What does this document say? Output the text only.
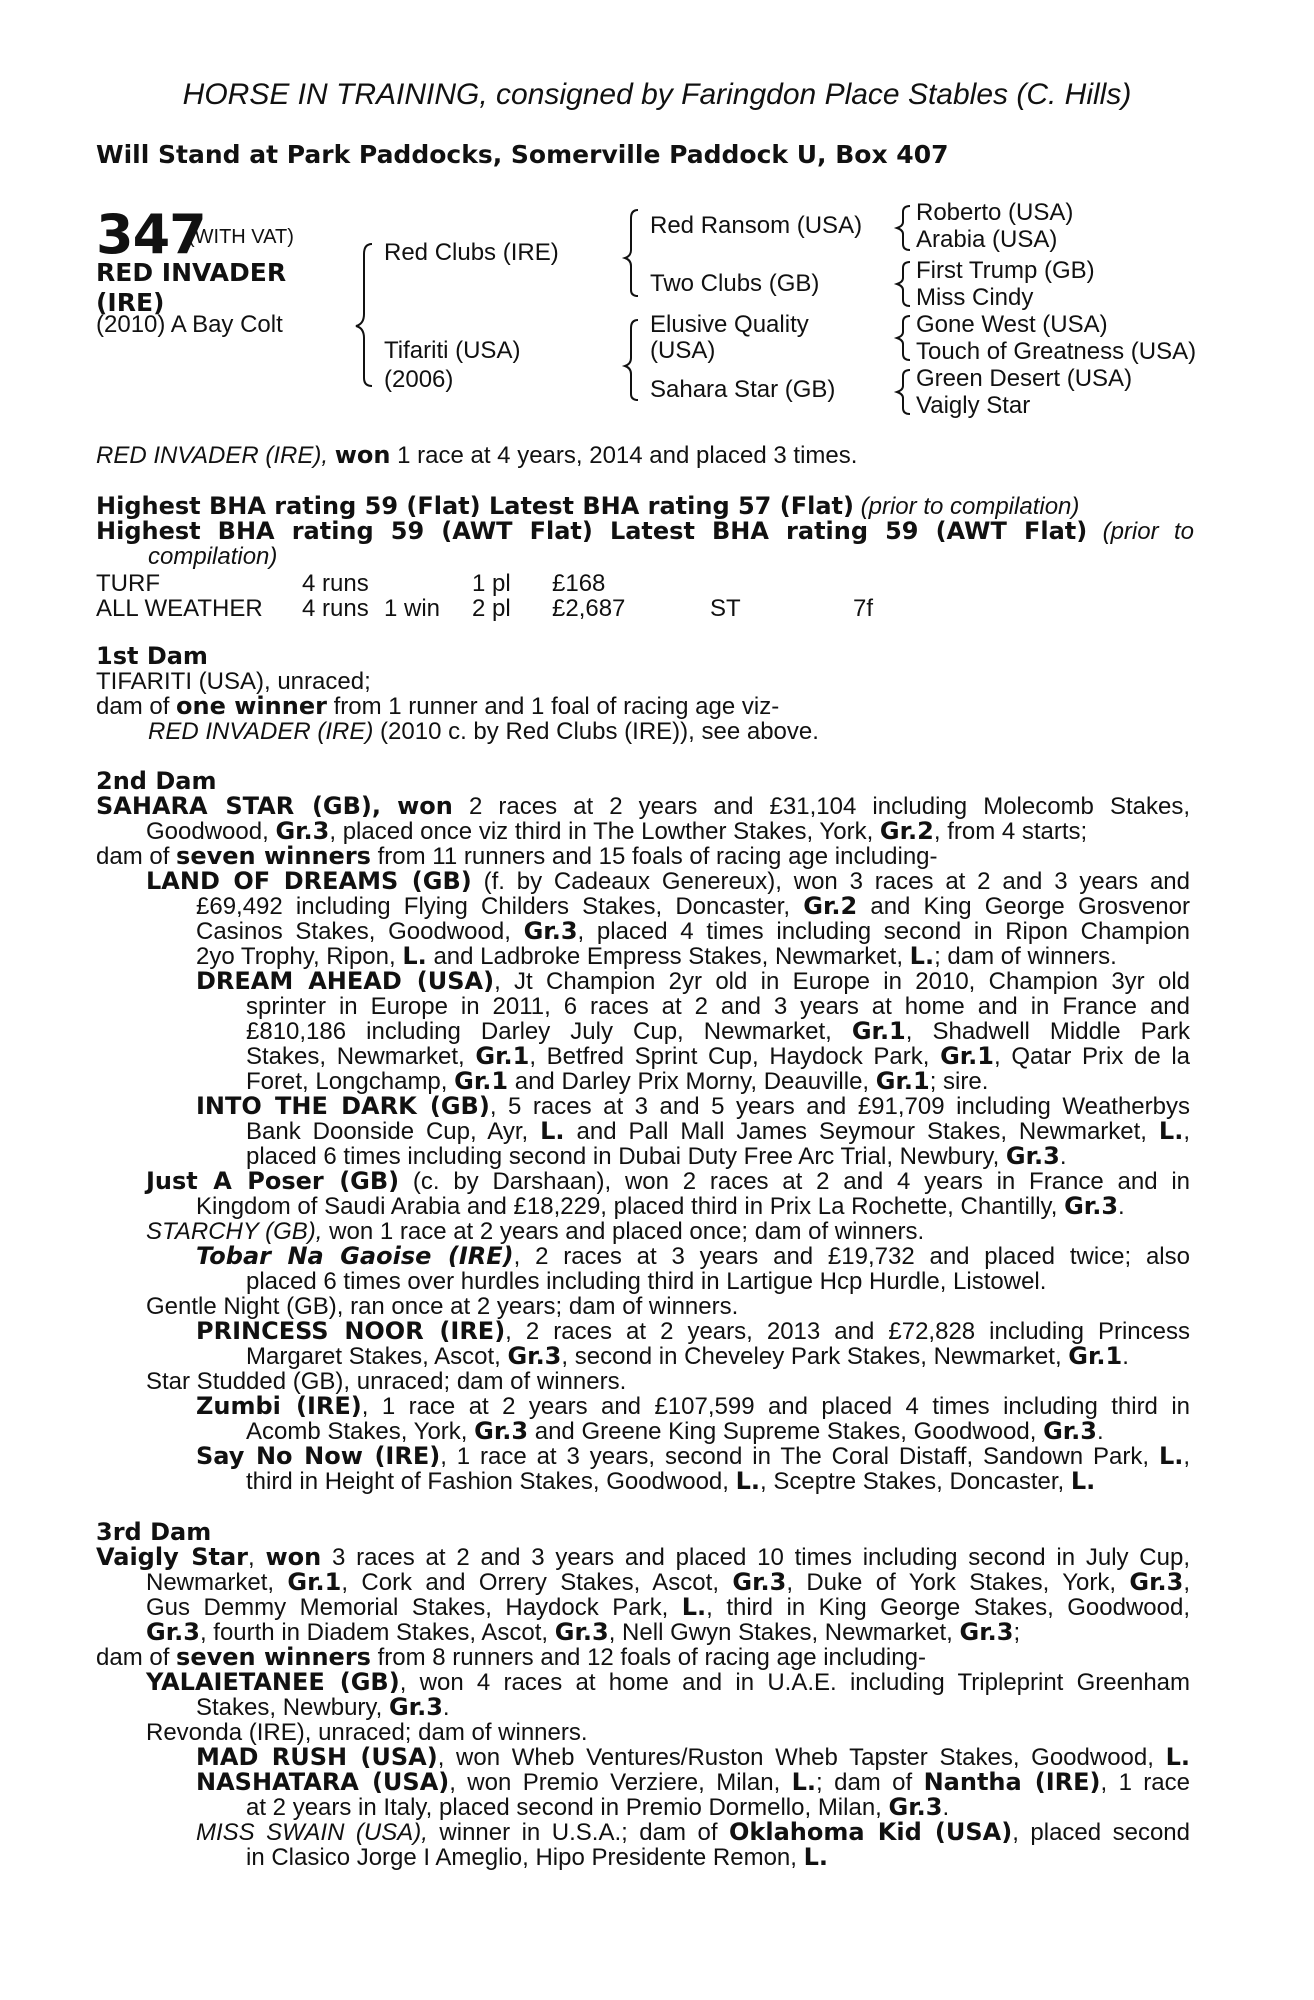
HORSE IN TRAINING, consigned by Faringdon Place Stables (C. Hills)
Will Stand at Park Paddocks, Somerville Paddock U, Box 407
347
(WITH VAT)
RED INVADER
(IRE)
(2010) A Bay Colt
Red Clubs (IRE)
Tifariti (USA)
(2006)
Red Ransom (USA)
Two Clubs (GB)
Elusive Quality
(USA)
Sahara Star (GB)
Roberto (USA)
Arabia (USA)
First Trump (GB)
Miss Cindy
Gone West (USA)
Touch of Greatness (USA)
Green Desert (USA)
Vaigly Star
RED INVADER (IRE), won 1 race at 4 years, 2014 and placed 3 times.
Highest BHA rating 59 (Flat) Latest BHA rating 57 (Flat) (prior to compilation)
Highest BHA rating 59 (AWT Flat) Latest BHA rating 59 (AWT Flat) (prior to
compilation)
TURF	4 runs	1 pl £168
ALL WEATHER 4 runs 1 win 2 pl £2,687	ST	7f
1st Dam
TIFARITI (USA), unraced;
dam of one winner from 1 runner and 1 foal of racing age viz-
RED INVADER (IRE) (2010 c. by Red Clubs (IRE)), see above.
2nd Dam
SAHARA STAR (GB), won 2 races at 2 years and £31,104 including Molecomb Stakes,
Goodwood, Gr.3, placed once viz third in The Lowther Stakes, York, Gr.2, from 4 starts;
dam of seven winners from 11 runners and 15 foals of racing age including-
LAND OF DREAMS (GB) (f. by Cadeaux Genereux), won 3 races at 2 and 3 years and
£69,492 including Flying Childers Stakes, Doncaster, Gr.2 and King George Grosvenor
Casinos Stakes, Goodwood, Gr.3, placed 4 times including second in Ripon Champion
2yo Trophy, Ripon, L. and Ladbroke Empress Stakes, Newmarket, L.; dam of winners.
DREAM AHEAD (USA), Jt Champion 2yr old in Europe in 2010, Champion 3yr old
sprinter in Europe in 2011, 6 races at 2 and 3 years at home and in France and
£810,186 including Darley July Cup, Newmarket, Gr.1, Shadwell Middle Park
Stakes, Newmarket, Gr.1, Betfred Sprint Cup, Haydock Park, Gr.1, Qatar Prix de la
Foret, Longchamp, Gr.1 and Darley Prix Morny, Deauville, Gr.1; sire.
INTO THE DARK (GB), 5 races at 3 and 5 years and £91,709 including Weatherbys
Bank Doonside Cup, Ayr, L. and Pall Mall James Seymour Stakes, Newmarket, L.,
placed 6 times including second in Dubai Duty Free Arc Trial, Newbury, Gr.3.
Just A Poser (GB) (c. by Darshaan), won 2 races at 2 and 4 years in France and in
Kingdom of Saudi Arabia and £18,229, placed third in Prix La Rochette, Chantilly, Gr.3.
STARCHY (GB), won 1 race at 2 years and placed once; dam of winners.
Tobar Na Gaoise (IRE), 2 races at 3 years and £19,732 and placed twice; also
placed 6 times over hurdles including third in Lartigue Hcp Hurdle, Listowel.
Gentle Night (GB), ran once at 2 years; dam of winners.
PRINCESS NOOR (IRE), 2 races at 2 years, 2013 and £72,828 including Princess
Margaret Stakes, Ascot, Gr.3, second in Cheveley Park Stakes, Newmarket, Gr.1.
Star Studded (GB), unraced; dam of winners.
Zumbi (IRE), 1 race at 2 years and £107,599 and placed 4 times including third in
Acomb Stakes, York, Gr.3 and Greene King Supreme Stakes, Goodwood, Gr.3.
Say No Now (IRE), 1 race at 3 years, second in The Coral Distaff, Sandown Park, L.,
third in Height of Fashion Stakes, Goodwood, L., Sceptre Stakes, Doncaster, L.
3rd Dam
Vaigly Star, won 3 races at 2 and 3 years and placed 10 times including second in July Cup,
Newmarket, Gr.1, Cork and Orrery Stakes, Ascot, Gr.3, Duke of York Stakes, York, Gr.3,
Gus Demmy Memorial Stakes, Haydock Park, L., third in King George Stakes, Goodwood,
Gr.3, fourth in Diadem Stakes, Ascot, Gr.3, Nell Gwyn Stakes, Newmarket, Gr.3;
dam of seven winners from 8 runners and 12 foals of racing age including-
YALAIETANEE (GB), won 4 races at home and in U.A.E. including Tripleprint Greenham
Stakes, Newbury, Gr.3.
Revonda (IRE), unraced; dam of winners.
MAD RUSH (USA), won Wheb Ventures/Ruston Wheb Tapster Stakes, Goodwood, L.
NASHATARA (USA), won Premio Verziere, Milan, L.; dam of Nantha (IRE), 1 race
at 2 years in Italy, placed second in Premio Dormello, Milan, Gr.3.
MISS SWAIN (USA), winner in U.S.A.; dam of Oklahoma Kid (USA), placed second
in Clasico Jorge I Ameglio, Hipo Presidente Remon, L.
